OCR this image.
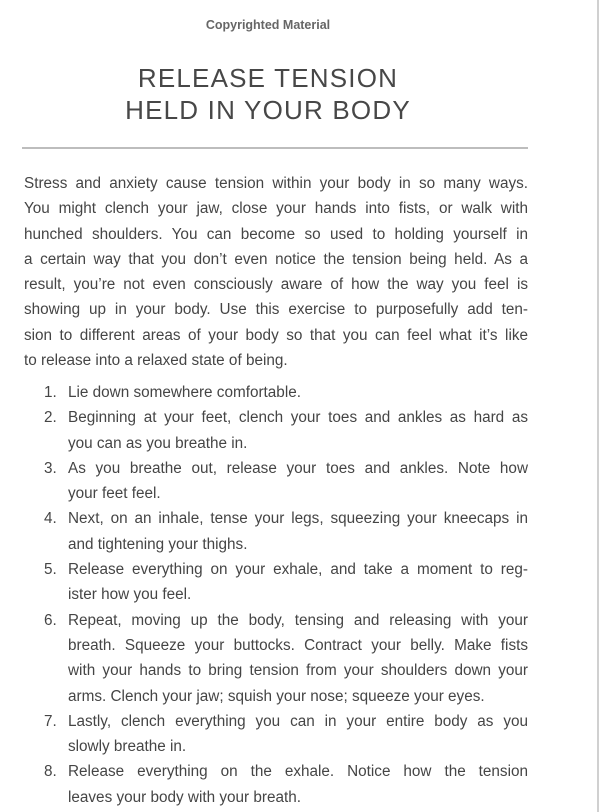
Copyrighted Material
RELEASE TENSION
HELD IN YOUR BODY
Stress and anxiety cause tension within your body in so many ways.
You might clench your jaw, close your hands into fists, or walk with
hunched shoulders. You can become so used to holding yourself in
a certain way that you don’t even notice the tension being held. As a
result, you’re not even consciously aware of how the way you feel is
showing up in your body. Use this exercise to purposefully add ten-
sion to different areas of your body so that you can feel what it’s like
to release into a relaxed state of being.
1. Lie down somewhere comfortable.
2. Beginning at your feet, clench your toes and ankles as hard as
you can as you breathe in.
3. As you breathe out, release your toes and ankles. Note how
your feet feel.
4. Next, on an inhale, tense your legs, squeezing your kneecaps in
and tightening your thighs.
5. Release everything on your exhale, and take a moment to reg-
ister how you feel.
6. Repeat, moving up the body, tensing and releasing with your
breath. Squeeze your buttocks. Contract your belly. Make fists
with your hands to bring tension from your shoulders down your
arms. Clench your jaw; squish your nose; squeeze your eyes.
7. Lastly, clench everything you can in your entire body as you
slowly breathe in.
8. Release everything on the exhale. Notice how the tension
leaves your body with your breath.
